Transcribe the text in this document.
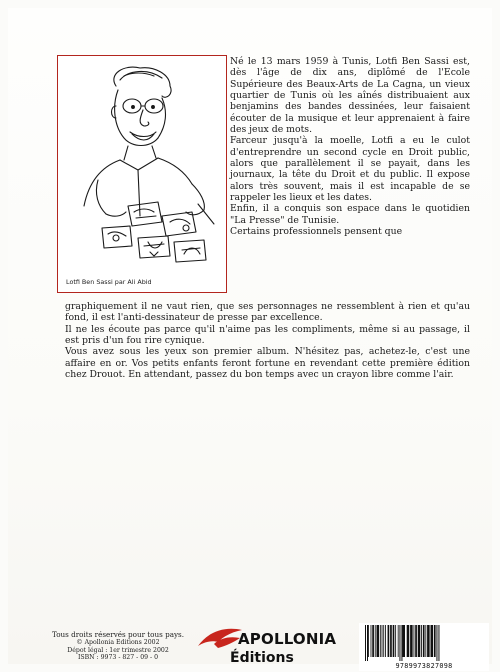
Lotfi Ben Sassi par Ali Abid

Né le 13 mars 1959 à Tunis, Lotfi Ben Sassi est, dès l'âge de dix ans, diplômé de l'Ecole Supérieure des Beaux-Arts de La Cagna, un vieux quartier de Tunis où les aînés distribuaient aux benjamins des bandes dessinées, leur faisaient écouter de la musique et leur apprenaient à faire des jeux de mots.

Farceur jusqu'à la moelle, Lotfi a eu le culot d'entreprendre un second cycle en Droit public, alors que parallèlement il se payait, dans les journaux, la tête du Droit et du public. Il expose alors très souvent, mais il est incapable de se rappeler les lieux et les dates.

Enfin, il a conquis son espace dans le quotidien "La Presse" de Tunisie.

Certains professionnels pensent que

graphiquement il ne vaut rien, que ses personnages ne ressemblent à rien et qu'au fond, il est l'anti-dessinateur de presse par excellence.

Il ne les écoute pas parce qu'il n'aime pas les compliments, même si au passage, il est pris d'un fou rire cynique.

Vous avez sous les yeux son premier album. N'hésitez pas, achetez-le, c'est une affaire en or. Vos petits enfants feront fortune en revendant cette première édition chez Drouot. En attendant, passez du bon temps avec un crayon libre comme l'air.

Tous droits réservés pour tous pays.
© Apollonia Editions 2002
Dépot légal : 1er trimestre 2002
ISBN : 9973 - 827 - 09 - 0
APOLLONIA
Éditions	9789973827098
